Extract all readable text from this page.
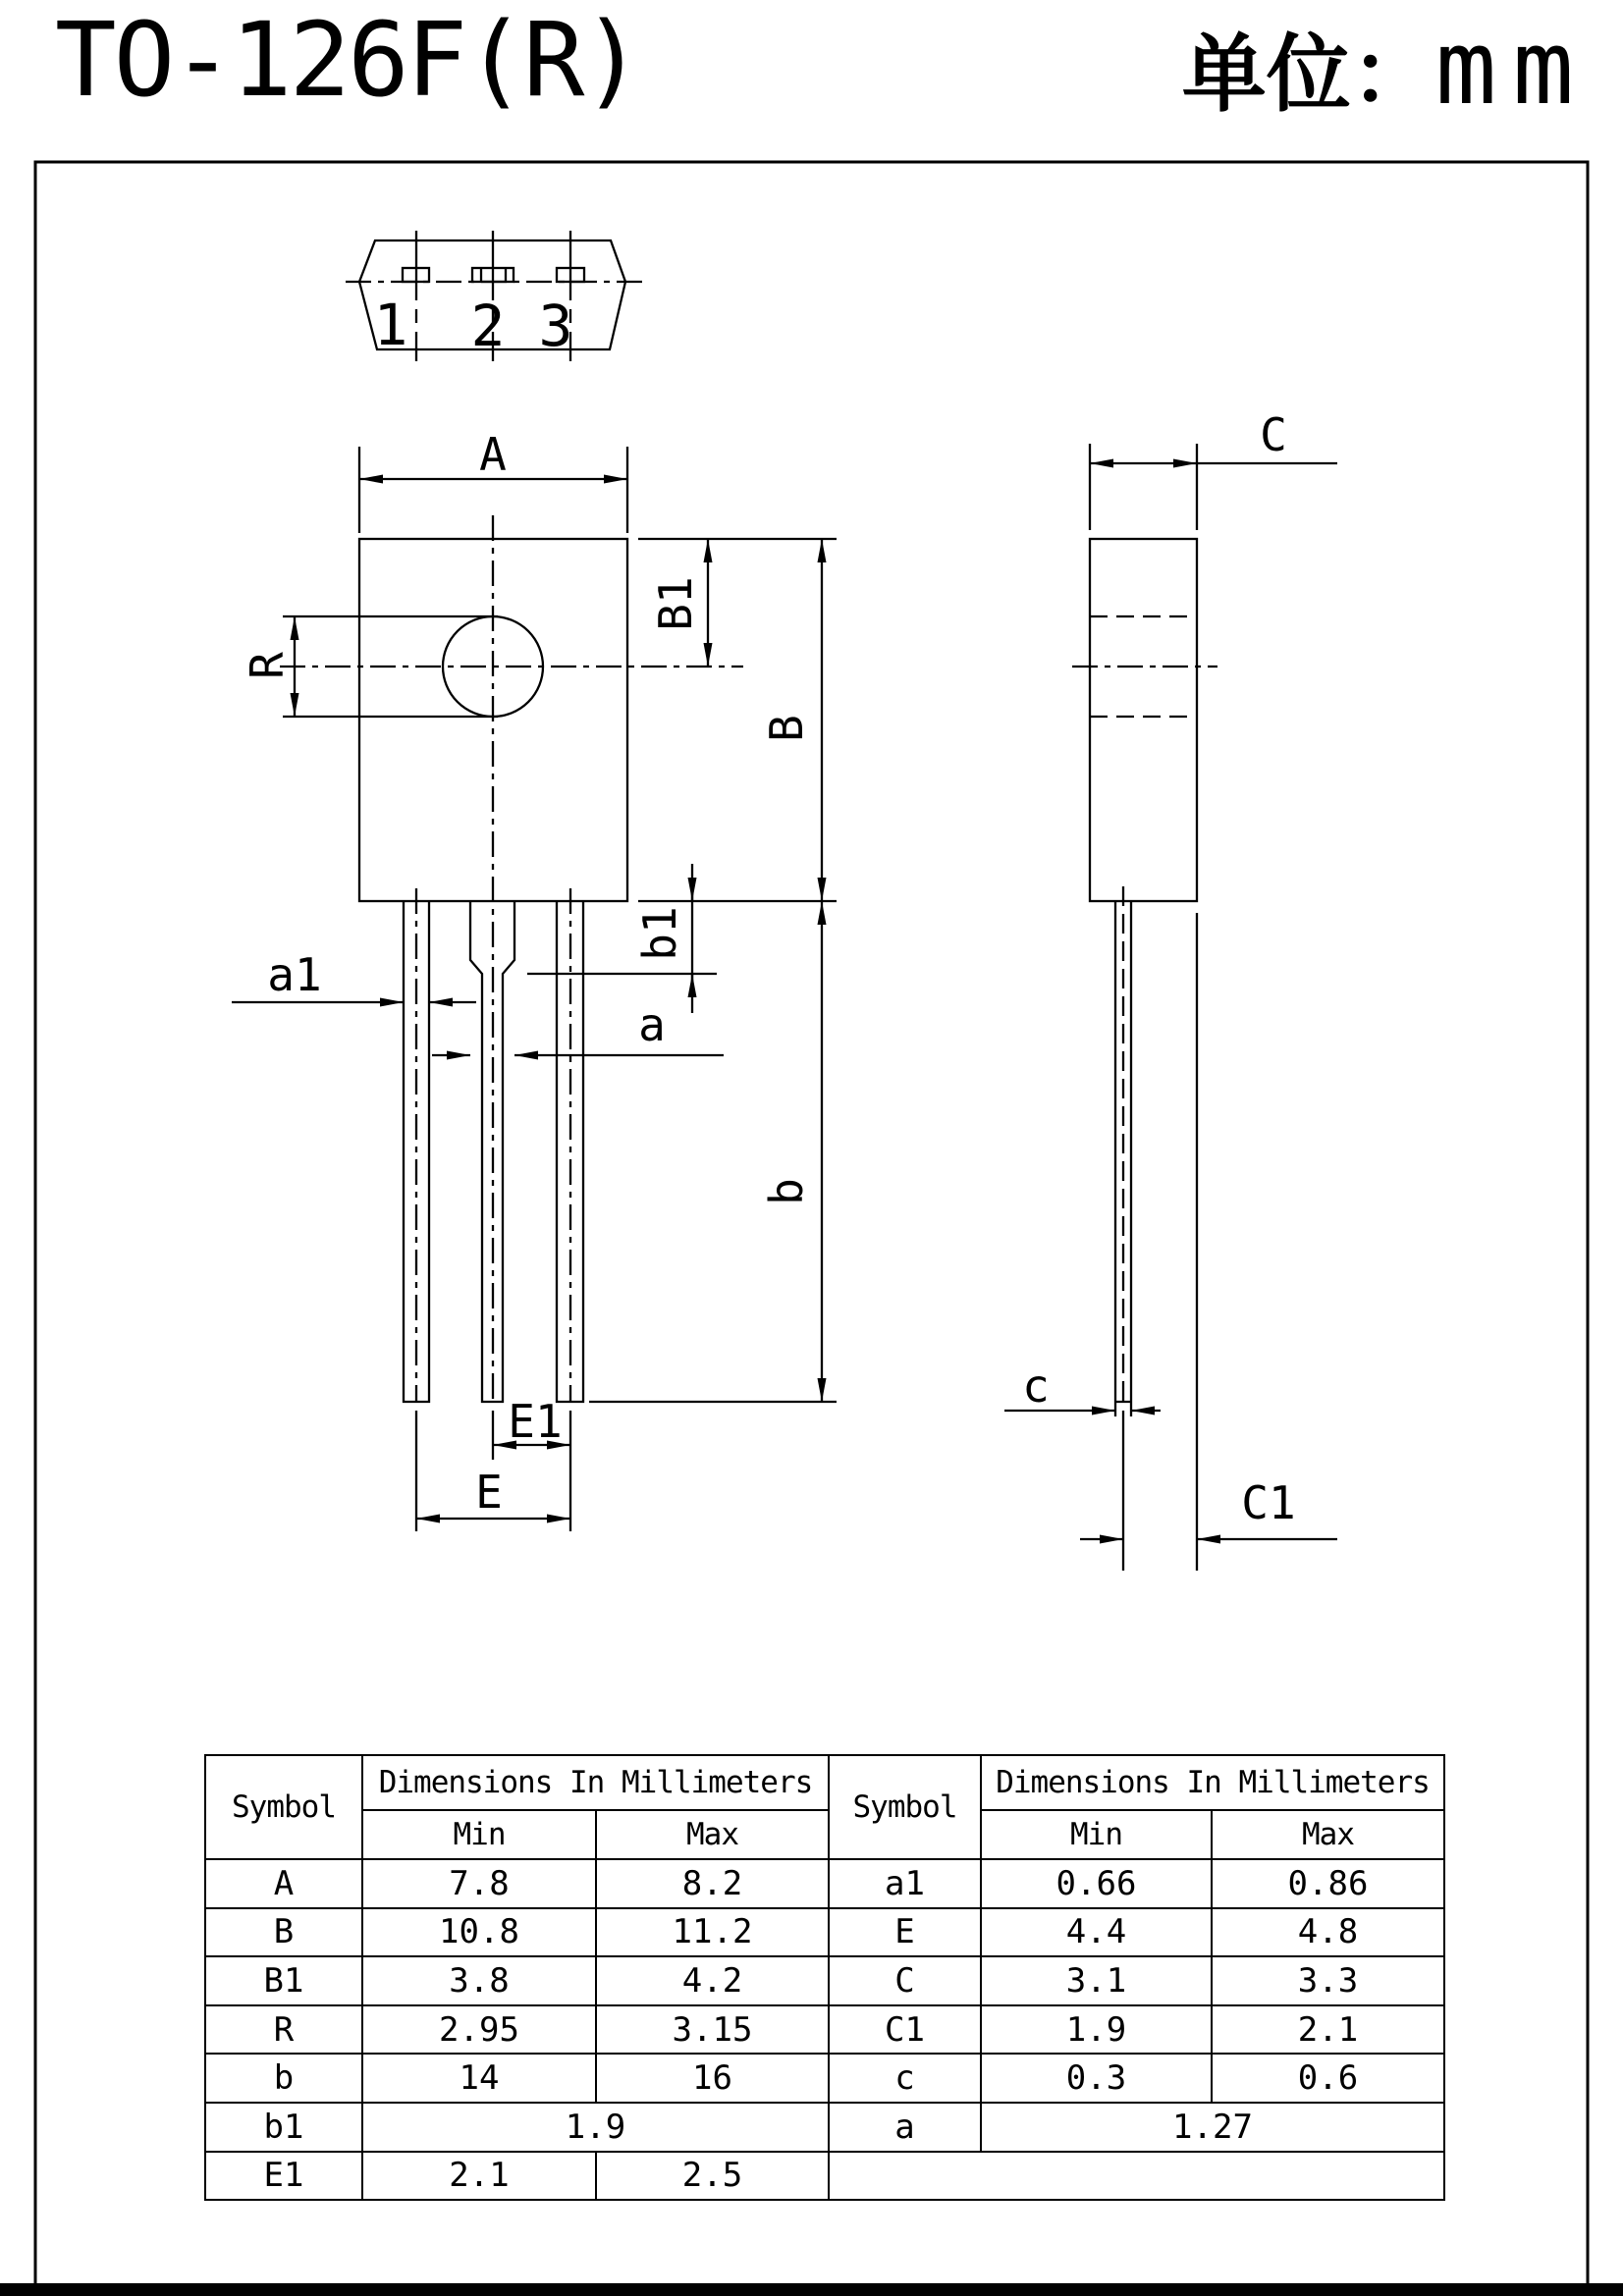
TO-126F(R)	单位： mm
1 2 3
A
R
B1
B
b
b1
a1
a
E1
E
C
c
C1
Symbol	Dimensions In Millimeters		Symbol	Dimensions In Millimeters	
	Min	Max		Min	Max
A	7.8	8.2	a1	0.66	0.86
B	10.8	11.2	E	4.4	4.8
B1	3.8	4.2	C	3.1	3.3
R	2.95	3.15	C1	1.9	2.1
b	14	16	c	0.3	0.6
b1	1.9		a	1.27	
E1	2.1	2.5			
